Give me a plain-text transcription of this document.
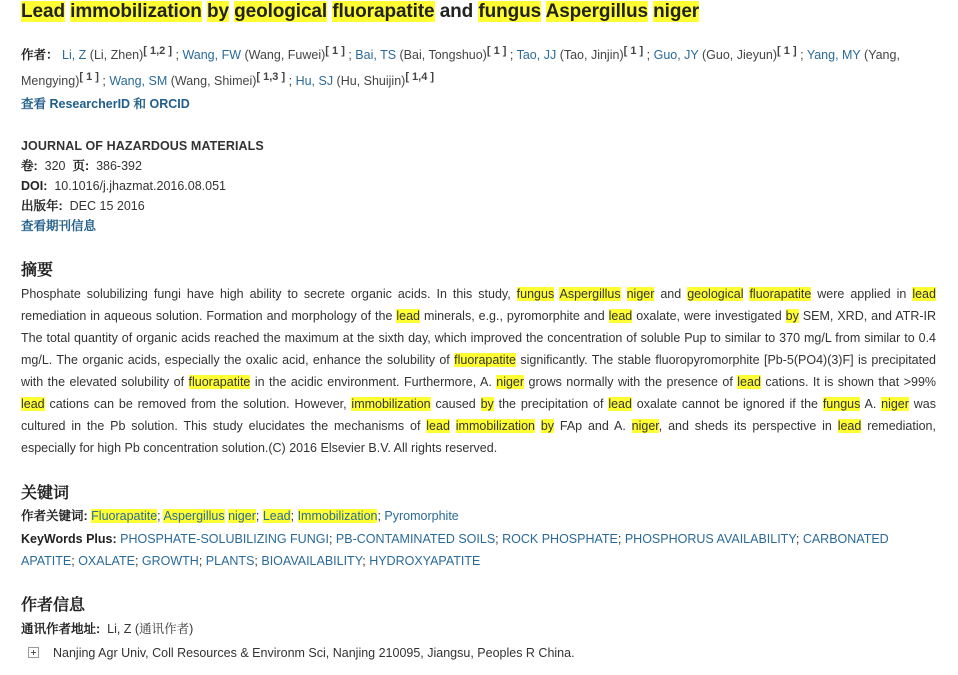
Lead immobilization by geological fluorapatite and fungus Aspergillus niger
作者： Li, Z (Li, Zhen)[ 1,2 ] ; Wang, FW (Wang, Fuwei)[ 1 ] ; Bai, TS (Bai, Tongshuo)[ 1 ] ; Tao, JJ (Tao, Jinjin)[ 1 ] ; Guo, JY (Guo, Jieyun)[ 1 ] ; Yang, MY (Yang, Mengying)[ 1 ] ; Wang, SM (Wang, Shimei)[ 1,3 ] ; Hu, SJ (Hu, Shuijin)[ 1,4 ]
查看 ResearcherID 和 ORCID
JOURNAL OF HAZARDOUS MATERIALS
卷: 320 页: 386-392
DOI: 10.1016/j.jhazmat.2016.08.051
出版年: DEC 15 2016
查看期刊信息
摘要

Phosphate solubilizing fungi have high ability to secrete organic acids. In this study, fungus Aspergillus niger and geological fluorapatite were applied in lead remediation in aqueous solution. Formation and morphology of the lead minerals, e.g., pyromorphite and lead oxalate, were investigated by SEM, XRD, and ATR-IR The total quantity of organic acids reached the maximum at the sixth day, which improved the concentration of soluble Pup to similar to 370 mg/L from similar to 0.4 mg/L. The organic acids, especially the oxalic acid, enhance the solubility of fluorapatite significantly. The stable fluoropyromorphite [Pb-5(PO4)(3)F] is precipitated with the elevated solubility of fluorapatite in the acidic environment. Furthermore, A. niger grows normally with the presence of lead cations. It is shown that >99% lead cations can be removed from the solution. However, immobilization caused by the precipitation of lead oxalate cannot be ignored if the fungus A. niger was cultured in the Pb solution. This study elucidates the mechanisms of lead immobilization by FAp and A. niger, and sheds its perspective in lead remediation, especially for high Pb concentration solution.(C) 2016 Elsevier B.V. All rights reserved.

关键词
作者关键词: Fluorapatite; Aspergillus niger; Lead; Immobilization; Pyromorphite
KeyWords Plus: PHOSPHATE-SOLUBILIZING FUNGI; PB-CONTAMINATED SOILS; ROCK PHOSPHATE; PHOSPHORUS AVAILABILITY; CARBONATED APATITE; OXALATE; GROWTH; PLANTS; BIOAVAILABILITY; HYDROXYAPATITE
作者信息
通讯作者地址: Li, Z (通讯作者)
Nanjing Agr Univ, Coll Resources & Environm Sci, Nanjing 210095, Jiangsu, Peoples R China.
